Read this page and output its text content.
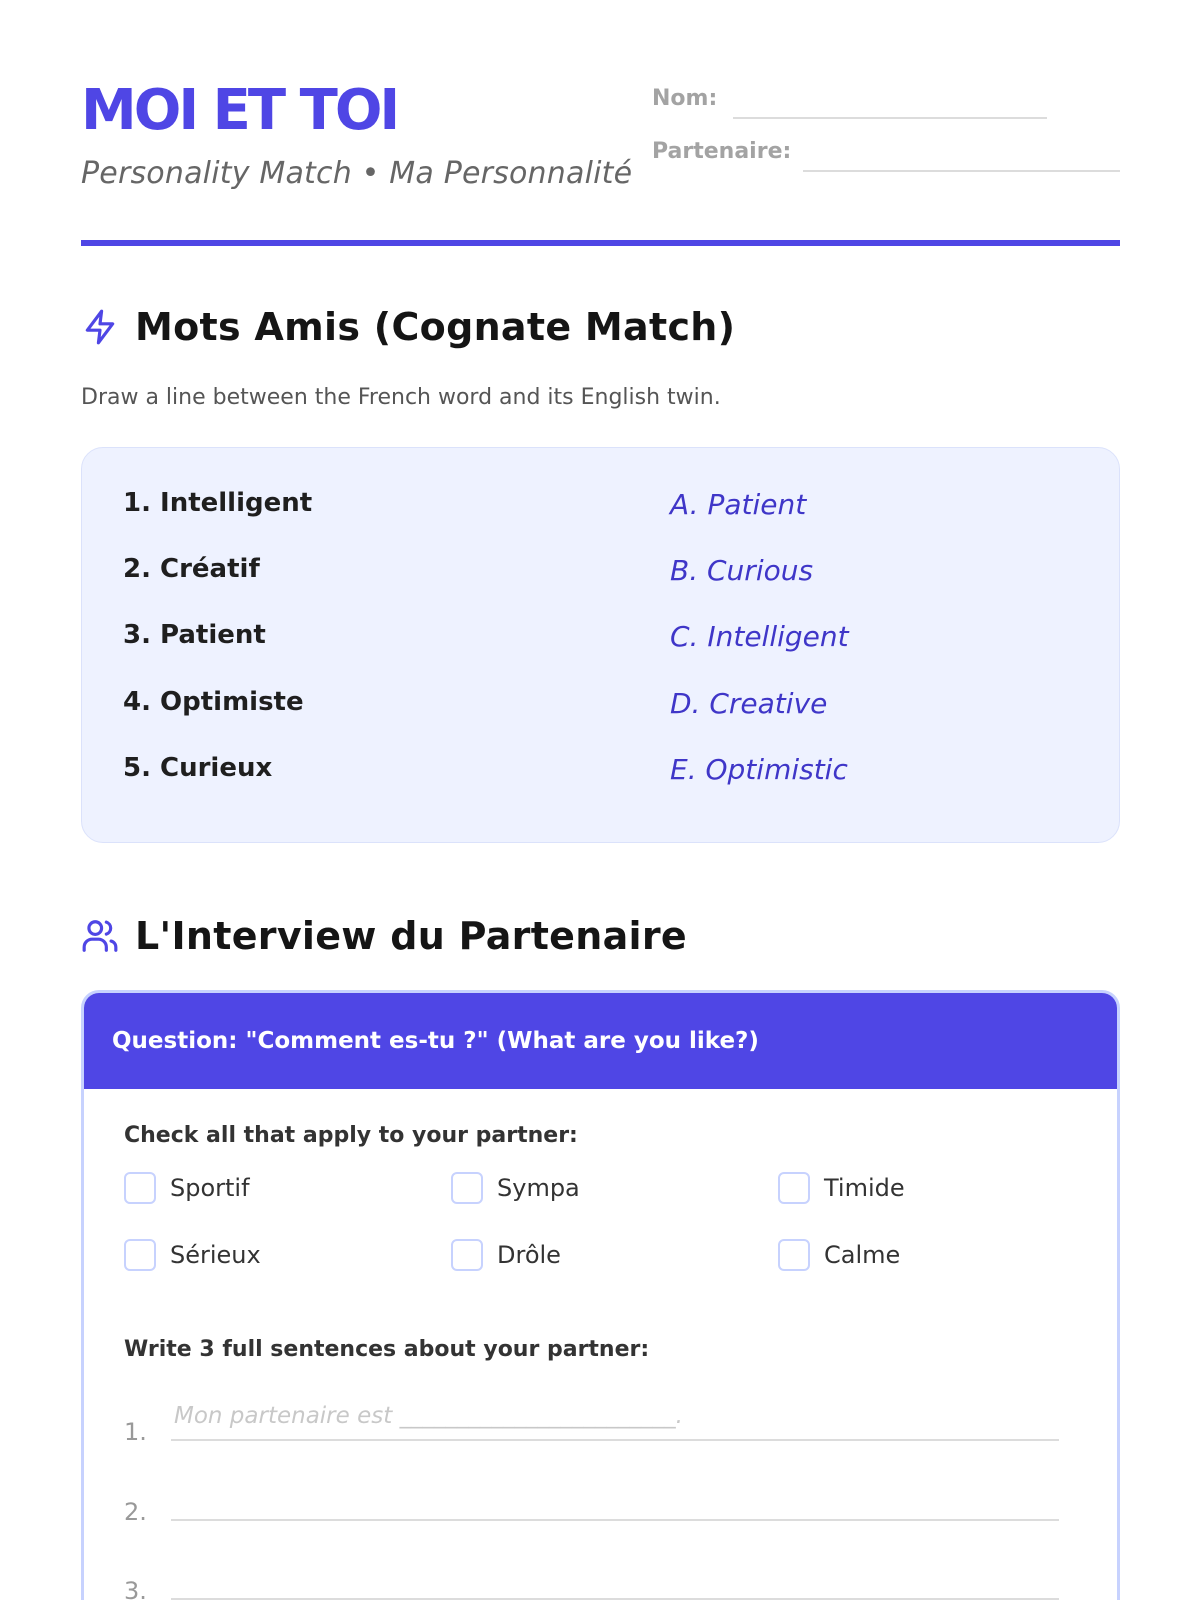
MOI ET TOI
Personality Match • Ma Personnalité
Nom:
Partenaire:
Mots Amis (Cognate Match)
Draw a line between the French word and its English twin.
1. Intelligent	A. Patient
2. Créatif	B. Curious
3. Patient	C. Intelligent
4. Optimiste	D. Creative
5. Curieux	E. Optimistic
L'Interview du Partenaire
Question: "Comment es-tu ?" (What are you like?)
Check all that apply to your partner:
Sportif	Sympa	Timide
Sérieux	Drôle	Calme
Write 3 full sentences about your partner:
1.
Mon partenaire est ________________________.
2.
3.
